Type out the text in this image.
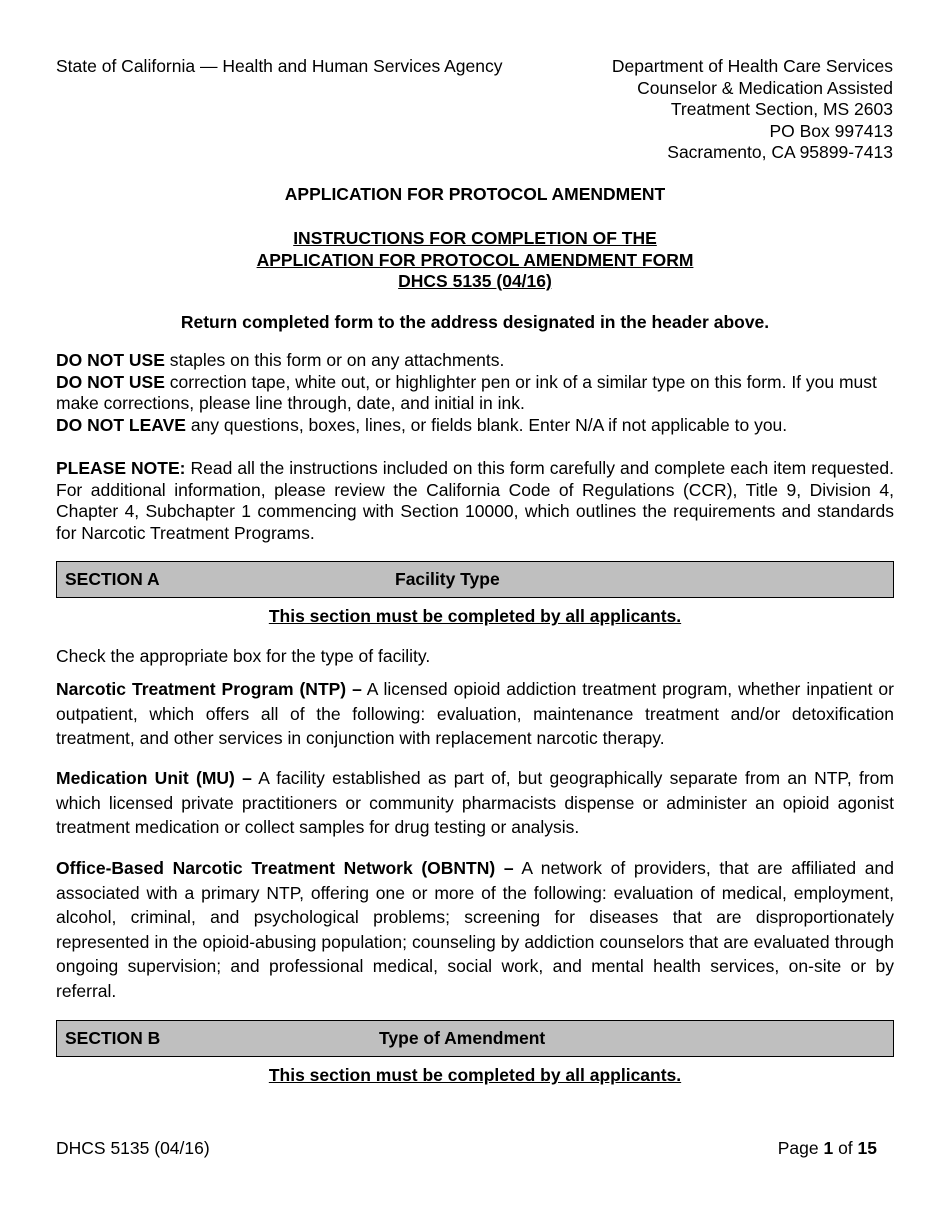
State of California — Health and Human Services Agency	Department of Health Care Services
Counselor & Medication Assisted
Treatment Section, MS 2603
PO Box 997413
Sacramento, CA 95899-7413
APPLICATION FOR PROTOCOL AMENDMENT
INSTRUCTIONS FOR COMPLETION OF THE
APPLICATION FOR PROTOCOL AMENDMENT FORM
DHCS 5135 (04/16)
Return completed form to the address designated in the header above.
DO NOT USE staples on this form or on any attachments.
DO NOT USE correction tape, white out, or highlighter pen or ink of a similar type on this form. If you must make corrections, please line through, date, and initial in ink.
DO NOT LEAVE any questions, boxes, lines, or fields blank. Enter N/A if not applicable to you.
PLEASE NOTE: Read all the instructions included on this form carefully and complete each item requested. For additional information, please review the California Code of Regulations (CCR), Title 9, Division 4, Chapter 4, Subchapter 1 commencing with Section 10000, which outlines the requirements and standards for Narcotic Treatment Programs.
SECTION A	Facility Type
This section must be completed by all applicants.
Check the appropriate box for the type of facility.
Narcotic Treatment Program (NTP) – A licensed opioid addiction treatment program, whether inpatient or outpatient, which offers all of the following: evaluation, maintenance treatment and/or detoxification treatment, and other services in conjunction with replacement narcotic therapy.
Medication Unit (MU) – A facility established as part of, but geographically separate from an NTP, from which licensed private practitioners or community pharmacists dispense or administer an opioid agonist treatment medication or collect samples for drug testing or analysis.
Office-Based Narcotic Treatment Network (OBNTN) – A network of providers, that are affiliated and associated with a primary NTP, offering one or more of the following: evaluation of medical, employment, alcohol, criminal, and psychological problems; screening for diseases that are disproportionately represented in the opioid-abusing population; counseling by addiction counselors that are evaluated through ongoing supervision; and professional medical, social work, and mental health services, on-site or by referral.
SECTION B	Type of Amendment
This section must be completed by all applicants.
DHCS 5135 (04/16)	Page 1 of 15
